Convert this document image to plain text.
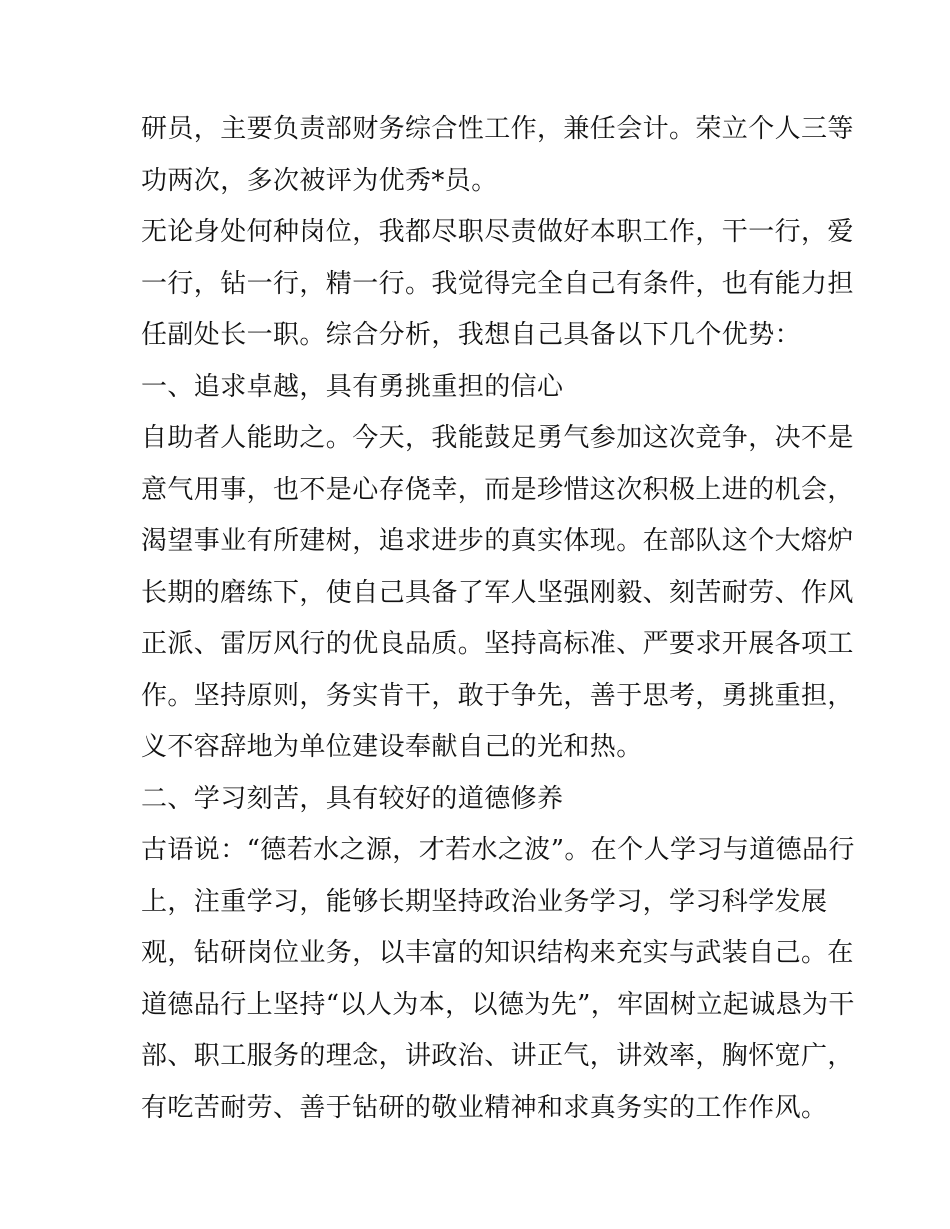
研员，主要负责部财务综合性工作，兼任会计。荣立个人三等
功两次，多次被评为优秀*员。
无论身处何种岗位，我都尽职尽责做好本职工作，干一行，爱
一行，钻一行，精一行。我觉得完全自己有条件，也有能力担
任副处长一职。综合分析，我想自己具备以下几个优势：
一、追求卓越，具有勇挑重担的信心
自助者人能助之。今天，我能鼓足勇气参加这次竞争，决不是
意气用事，也不是心存侥幸，而是珍惜这次积极上进的机会，
渴望事业有所建树，追求进步的真实体现。在部队这个大熔炉
长期的磨练下，使自己具备了军人坚强刚毅、刻苦耐劳、作风
正派、雷厉风行的优良品质。坚持高标准、严要求开展各项工
作。坚持原则，务实肯干，敢于争先，善于思考，勇挑重担，
义不容辞地为单位建设奉献自己的光和热。
二、学习刻苦，具有较好的道德修养
古语说：“德若水之源，才若水之波”。在个人学习与道德品行
上，注重学习，能够长期坚持政治业务学习，学习科学发展
观，钻研岗位业务，以丰富的知识结构来充实与武装自己。在
道德品行上坚持“以人为本，以德为先”，牢固树立起诚恳为干
部、职工服务的理念，讲政治、讲正气，讲效率，胸怀宽广，
有吃苦耐劳、善于钻研的敬业精神和求真务实的工作作风。
